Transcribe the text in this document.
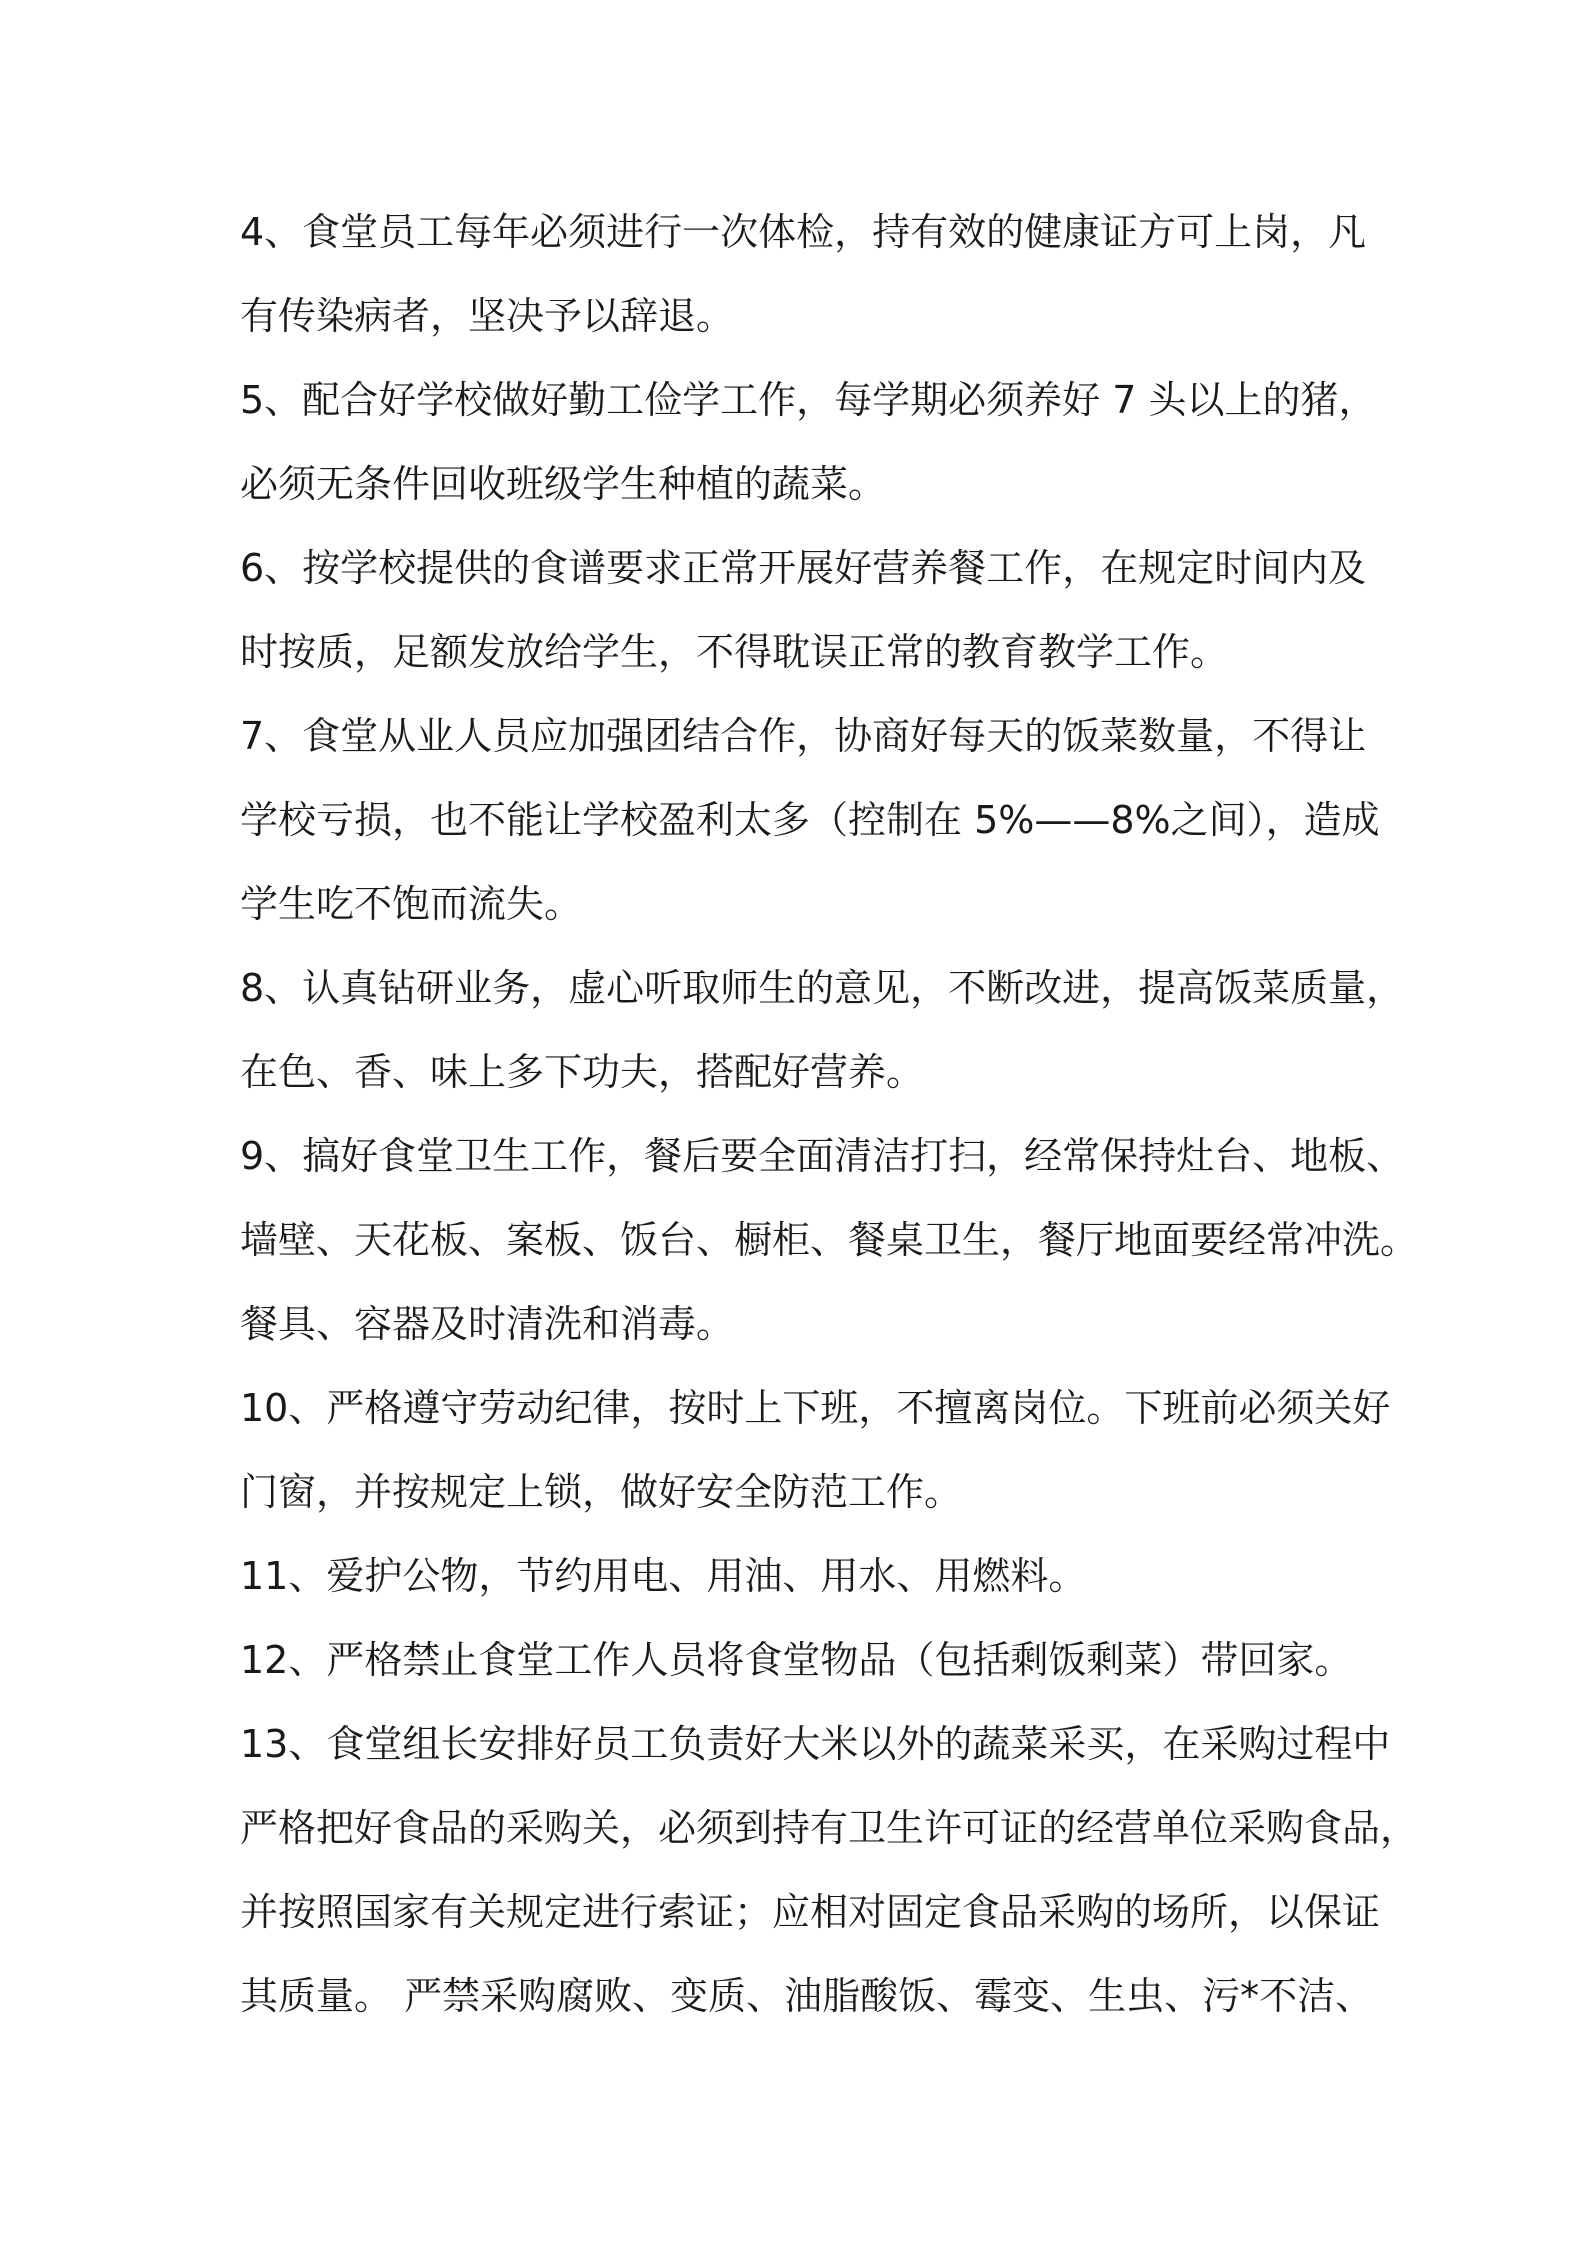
4、食堂员工每年必须进行一次体检，持有效的健康证方可上岗，凡
有传染病者，坚决予以辞退。
5、配合好学校做好勤工俭学工作，每学期必须养好 7 头以上的猪，
必须无条件回收班级学生种植的蔬菜。
6、按学校提供的食谱要求正常开展好营养餐工作，在规定时间内及
时按质，足额发放给学生，不得耽误正常的教育教学工作。
7、食堂从业人员应加强团结合作，协商好每天的饭菜数量，不得让
学校亏损，也不能让学校盈利太多（控制在 5%——8%之间），造成
学生吃不饱而流失。
8、认真钻研业务，虚心听取师生的意见，不断改进，提高饭菜质量，
在色、香、味上多下功夫，搭配好营养。
9、搞好食堂卫生工作，餐后要全面清洁打扫，经常保持灶台、地板、
墙壁、天花板、案板、饭台、橱柜、餐桌卫生，餐厅地面要经常冲洗。
餐具、容器及时清洗和消毒。
10、严格遵守劳动纪律，按时上下班，不擅离岗位。下班前必须关好
门窗，并按规定上锁，做好安全防范工作。
11、爱护公物，节约用电、用油、用水、用燃料。
12、严格禁止食堂工作人员将食堂物品（包括剩饭剩菜）带回家。
13、食堂组长安排好员工负责好大米以外的蔬菜采买，在采购过程中
严格把好食品的采购关，必须到持有卫生许可证的经营单位采购食品，
并按照国家有关规定进行索证；应相对固定食品采购的场所，以保证
其质量。 严禁采购腐败、变质、油脂酸饭、霉变、生虫、污*不洁、
